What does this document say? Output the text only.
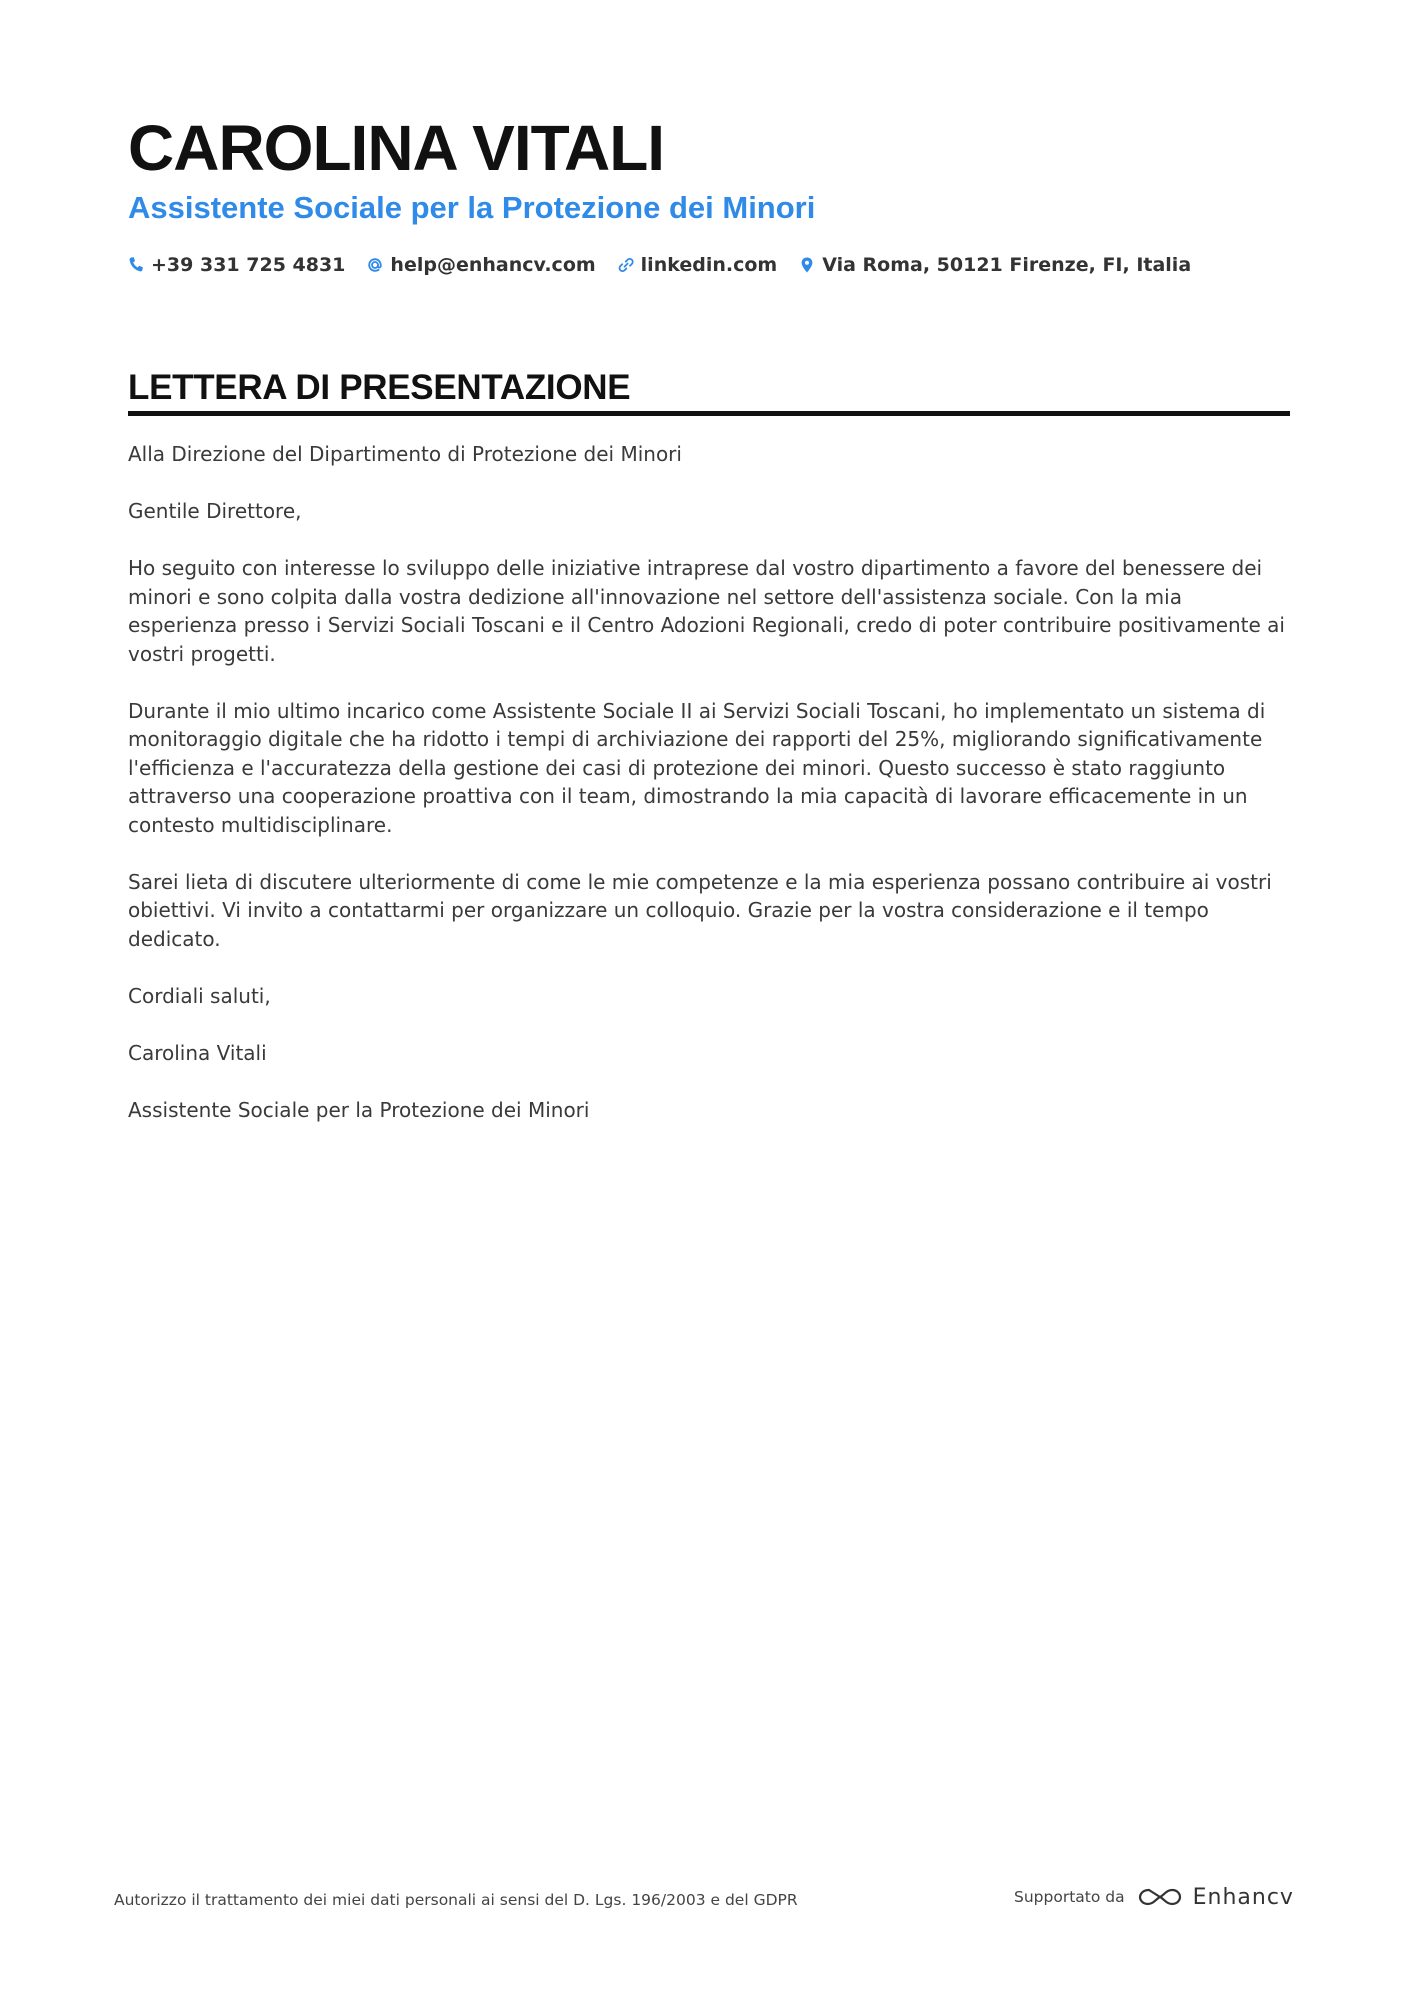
CAROLINA VITALI
Assistente Sociale per la Protezione dei Minori
+39 331 725 4831 help@enhancv.com linkedin.com Via Roma, 50121 Firenze, FI, Italia
LETTERA DI PRESENTAZIONE

Alla Direzione del Dipartimento di Protezione dei Minori

Gentile Direttore,

Ho seguito con interesse lo sviluppo delle iniziative intraprese dal vostro dipartimento a favore del benessere dei minori e sono colpita dalla vostra dedizione all'innovazione nel settore dell'assistenza sociale. Con la mia esperienza presso i Servizi Sociali Toscani e il Centro Adozioni Regionali, credo di poter contribuire positivamente ai vostri progetti.

Durante il mio ultimo incarico come Assistente Sociale II ai Servizi Sociali Toscani, ho implementato un sistema di monitoraggio digitale che ha ridotto i tempi di archiviazione dei rapporti del 25%, migliorando significativamente l'efficienza e l'accuratezza della gestione dei casi di protezione dei minori. Questo successo è stato raggiunto attraverso una cooperazione proattiva con il team, dimostrando la mia capacità di lavorare efficacemente in un contesto multidisciplinare.

Sarei lieta di discutere ulteriormente di come le mie competenze e la mia esperienza possano contribuire ai vostri obiettivi. Vi invito a contattarmi per organizzare un colloquio. Grazie per la vostra considerazione e il tempo dedicato.

Cordiali saluti,

Carolina Vitali

Assistente Sociale per la Protezione dei Minori

Autorizzo il trattamento dei miei dati personali ai sensi del D. Lgs. 196/2003 e del GDPR	Supportato da	Enhancv
